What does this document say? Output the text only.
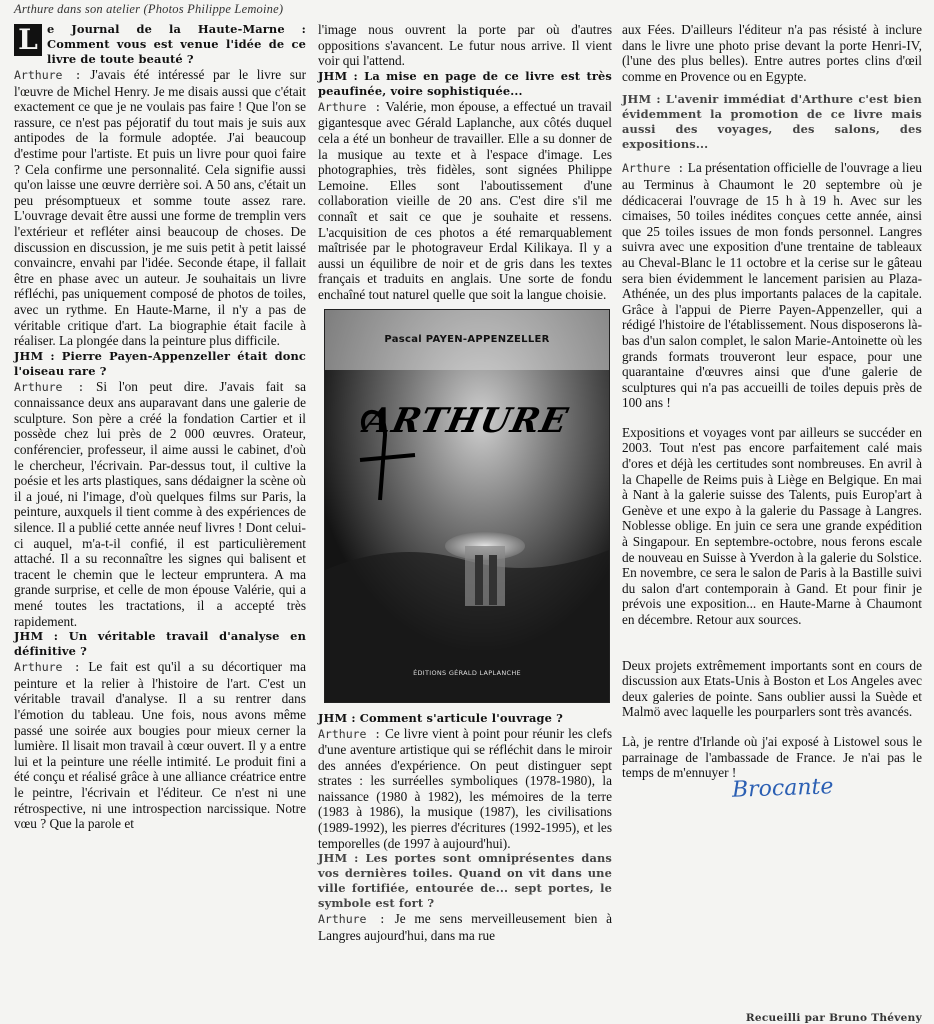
Arthure dans son atelier (Photos Philippe Lemoine)

L e Journal de la Haute-Marne : Comment vous est venue l'idée de ce livre de toute beauté ?

Arthure : J'avais été intéressé par le livre sur l'œuvre de Michel Henry. Je me disais aussi que c'était exactement ce que je ne voulais pas faire ! Que l'on se rassure, ce n'est pas péjoratif du tout mais je suis aux antipodes de la formule adoptée. J'ai beaucoup d'estime pour l'artiste. Et puis un livre pour quoi faire ? Cela confirme une personnalité. Cela signifie aussi qu'on laisse une œuvre derrière soi. A 50 ans, c'était un peu présomptueux et somme toute assez rare. L'ouvrage devait être aussi une forme de tremplin vers l'extérieur et refléter ainsi beaucoup de choses. De discussion en discussion, je me suis petit à petit laissé convaincre, envahi par l'idée. Seconde étape, il fallait être en phase avec un auteur. Je souhaitais un livre réfléchi, pas uniquement composé de photos de toiles, avec un rythme. En Haute-Marne, il n'y a pas de véritable critique d'art. La biographie était facile à réaliser. La plongée dans la peinture plus difficile.

JHM : Pierre Payen-Appenzeller était donc l'oiseau rare ?

Arthure : Si l'on peut dire. J'avais fait sa connaissance deux ans auparavant dans une galerie de sculpture. Son père a créé la fondation Cartier et il possède chez lui près de 2 000 œuvres. Orateur, conférencier, professeur, il aime aussi le cabinet, d'où le chercheur, l'écrivain. Par-dessus tout, il cultive la poésie et les arts plastiques, sans dédaigner la scène où il a joué, ni l'image, d'où quelques films sur Paris, la peinture, auxquels il tient comme à des expériences de silence. Il a publié cette année neuf livres ! Dont celui-ci auquel, m'a-t-il confié, il est particulièrement attaché. Il a su reconnaître les signes qui balisent et tracent le chemin que le lecteur empruntera. A ma grande surprise, et celle de mon épouse Valérie, qui a mené toutes les tractations, il a accepté très rapidement.

JHM : Un véritable travail d'analyse en définitive ?

Arthure : Le fait est qu'il a su décortiquer ma peinture et la relier à l'histoire de l'art. C'est un véritable travail d'analyse. Il a su rentrer dans l'émotion du tableau. Une fois, nous avons même passé une soirée aux bougies pour mieux cerner la lumière. Il lisait mon travail à cœur ouvert. Il y a entre lui et la peinture une réelle intimité. Le produit fini a été conçu et réalisé grâce à une alliance créatrice entre le peintre, l'écrivain et l'éditeur. Ce n'est ni une rétrospective, ni une introspection narcissique. Notre vœu ? Que la parole et

l'image nous ouvrent la porte par où d'autres oppositions s'avancent. Le futur nous arrive. Il vient voir qui l'attend.

JHM : La mise en page de ce livre est très peaufinée, voire sophistiquée...

Arthure : Valérie, mon épouse, a effectué un travail gigantesque avec Gérald Laplanche, aux côtés duquel cela a été un bonheur de travailler. Elle a su donner de la musique au texte et à l'espace d'image. Les photographies, très fidèles, sont signées Philippe Lemoine. Elles sont l'aboutissement d'une collaboration vieille de 20 ans. C'est dire s'il me connaît et sait ce que je souhaite et ressens. L'acquisition de ces photos a été remarquablement maîtrisée par le photograveur Erdal Kilikaya. Il y a aussi un équilibre de noir et de gris dans les textes français et traduits en anglais. Une sorte de fondu enchaîné tout naturel quelle que soit la langue choisie.

Pascal PAYEN-APPENZELLER
ARTHURE
ÉDITIONS GÉRALD LAPLANCHE

JHM : Comment s'articule l'ouvrage ?

Arthure : Ce livre vient à point pour réunir les clefs d'une aventure artistique qui se réfléchit dans le miroir des années d'expérience. On peut distinguer sept strates : les surréelles symboliques (1978-1980), la naissance (1980 à 1982), les mémoires de la terre (1983 à 1986), la musique (1987), les civilisations (1989-1992), les pierres d'écritures (1992-1995), et les temporelles (de 1997 à aujourd'hui).

JHM : Les portes sont omniprésentes dans vos dernières toiles. Quand on vit dans une ville fortifiée, entourée de... sept portes, le symbole est fort ?

Arthure : Je me sens merveilleusement bien à Langres aujourd'hui, dans ma rue

aux Fées. D'ailleurs l'éditeur n'a pas résisté à inclure dans le livre une photo prise devant la porte Henri-IV, (l'une des plus belles). Entre autres portes clins d'œil comme en Provence ou en Egypte.

JHM : L'avenir immédiat d'Arthure c'est bien évidemment la promotion de ce livre mais aussi des voyages, des salons, des expositions...

Arthure : La présentation officielle de l'ouvrage a lieu au Terminus à Chaumont le 20 septembre où je dédicacerai l'ouvrage de 15 h à 19 h. Avec sur les cimaises, 50 toiles inédites conçues cette année, ainsi que 25 toiles issues de mon fonds personnel. Langres suivra avec une exposition d'une trentaine de tableaux au Cheval-Blanc le 11 octobre et la cerise sur le gâteau sera bien évidemment le lancement parisien au Plaza-Athénée, un des plus importants palaces de la capitale. Grâce à l'appui de Pierre Payen-Appenzeller, qui a rédigé l'histoire de l'établissement. Nous disposerons là-bas d'un salon complet, le salon Marie-Antoinette où les grands formats trouveront leur espace, pour une quarantaine d'œuvres ainsi que d'une galerie de sculptures qui n'a pas accueilli de toiles depuis près de 100 ans !

Expositions et voyages vont par ailleurs se succéder en 2003. Tout n'est pas encore parfaitement calé mais d'ores et déjà les certitudes sont nombreuses. En avril à la Chapelle de Reims puis à Liège en Belgique. En mai à Nant à la galerie suisse des Talents, puis Europ'art à Genève et une expo à la galerie du Passage à Langres. Noblesse oblige. En juin ce sera une grande expédition à Singapour. En septembre-octobre, nous ferons escale de nouveau en Suisse à Yverdon à la galerie du Solstice. En novembre, ce sera le salon de Paris à la Bastille suivi du salon d'art contemporain à Gand. Et pour finir je prévois une exposition... en Haute-Marne à Chaumont en décembre. Retour aux sources.

Deux projets extrêmement importants sont en cours de discussion aux Etats-Unis à Boston et Los Angeles avec deux galeries de pointe. Sans oublier aussi la Suède et Malmö avec laquelle les pourparlers sont très avancés.

Là, je rentre d'Irlande où j'ai exposé à Listowel sous le parrainage de l'ambassade de France. Je n'ai pas le temps de m'ennuyer !

Brocante
Recueilli par Bruno Théveny
